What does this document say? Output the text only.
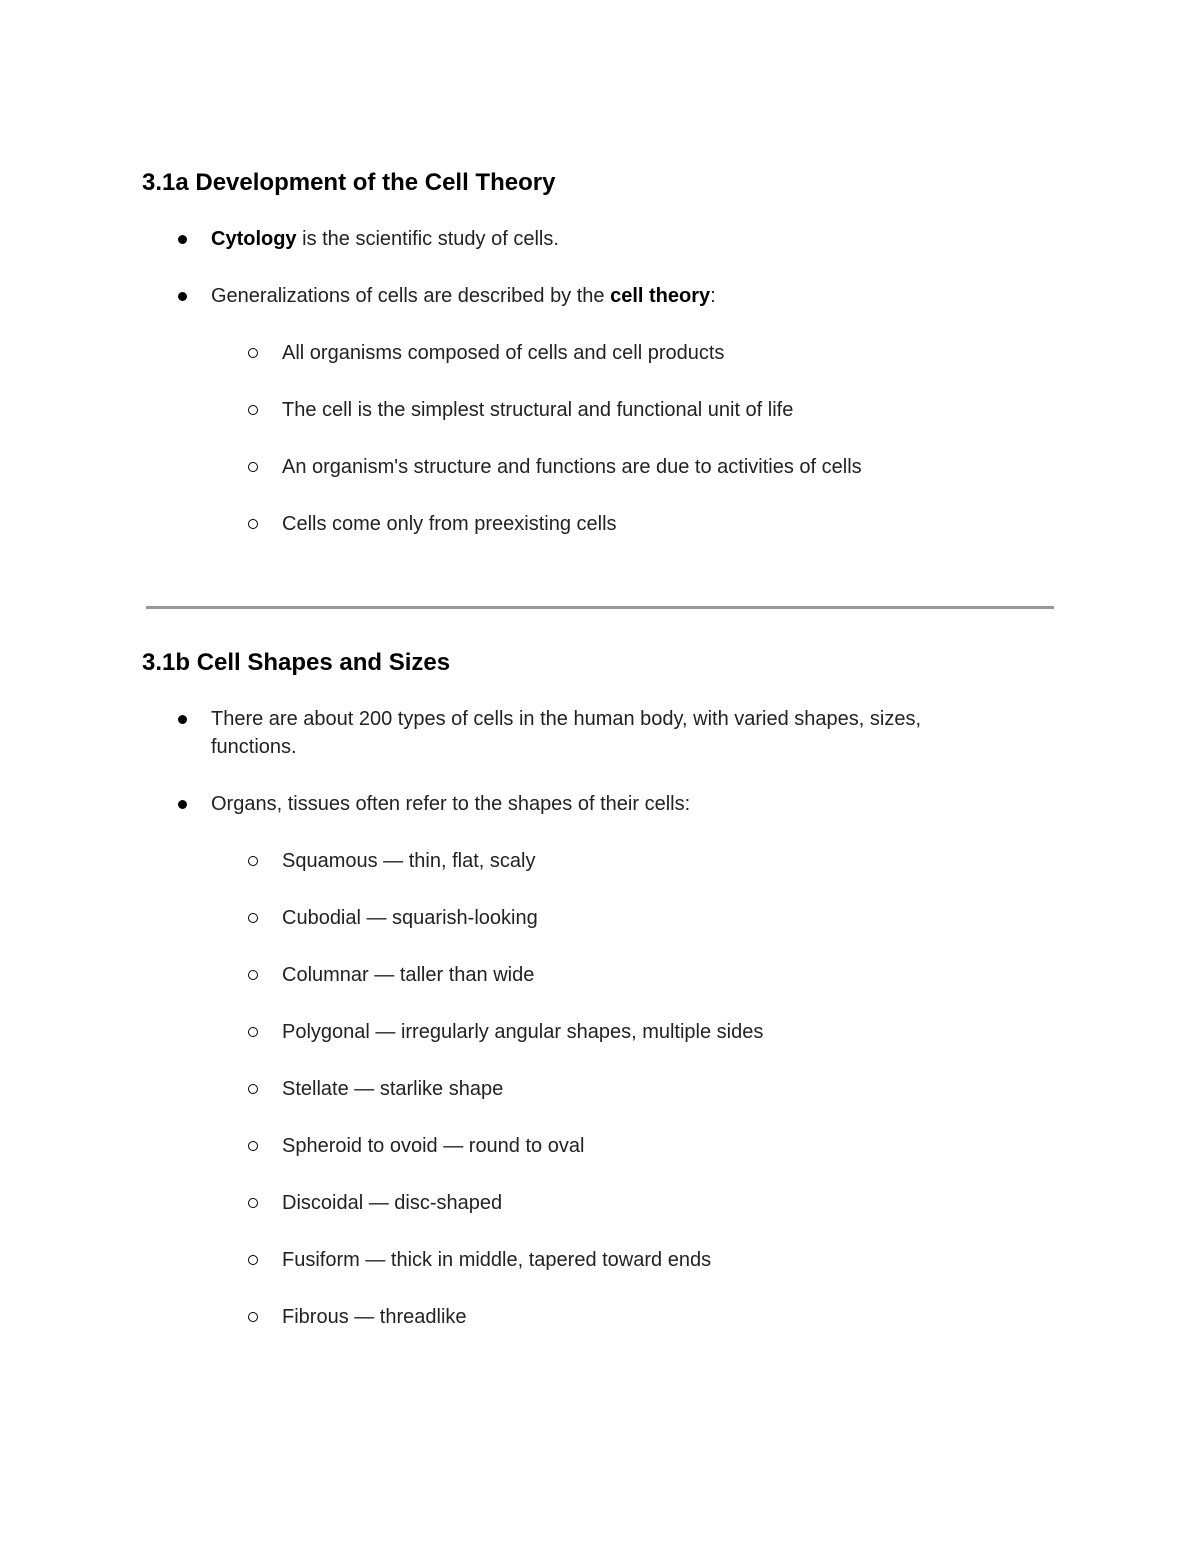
3.1a Development of the Cell Theory
Cytology is the scientific study of cells.
Generalizations of cells are described by the cell theory:
All organisms composed of cells and cell products
The cell is the simplest structural and functional unit of life
An organism's structure and functions are due to activities of cells
Cells come only from preexisting cells
3.1b Cell Shapes and Sizes
There are about 200 types of cells in the human body, with varied shapes, sizes, functions.
Organs, tissues often refer to the shapes of their cells:
Squamous — thin, flat, scaly
Cubodial — squarish-looking
Columnar — taller than wide
Polygonal — irregularly angular shapes, multiple sides
Stellate — starlike shape
Spheroid to ovoid — round to oval
Discoidal — disc-shaped
Fusiform — thick in middle, tapered toward ends
Fibrous — threadlike
